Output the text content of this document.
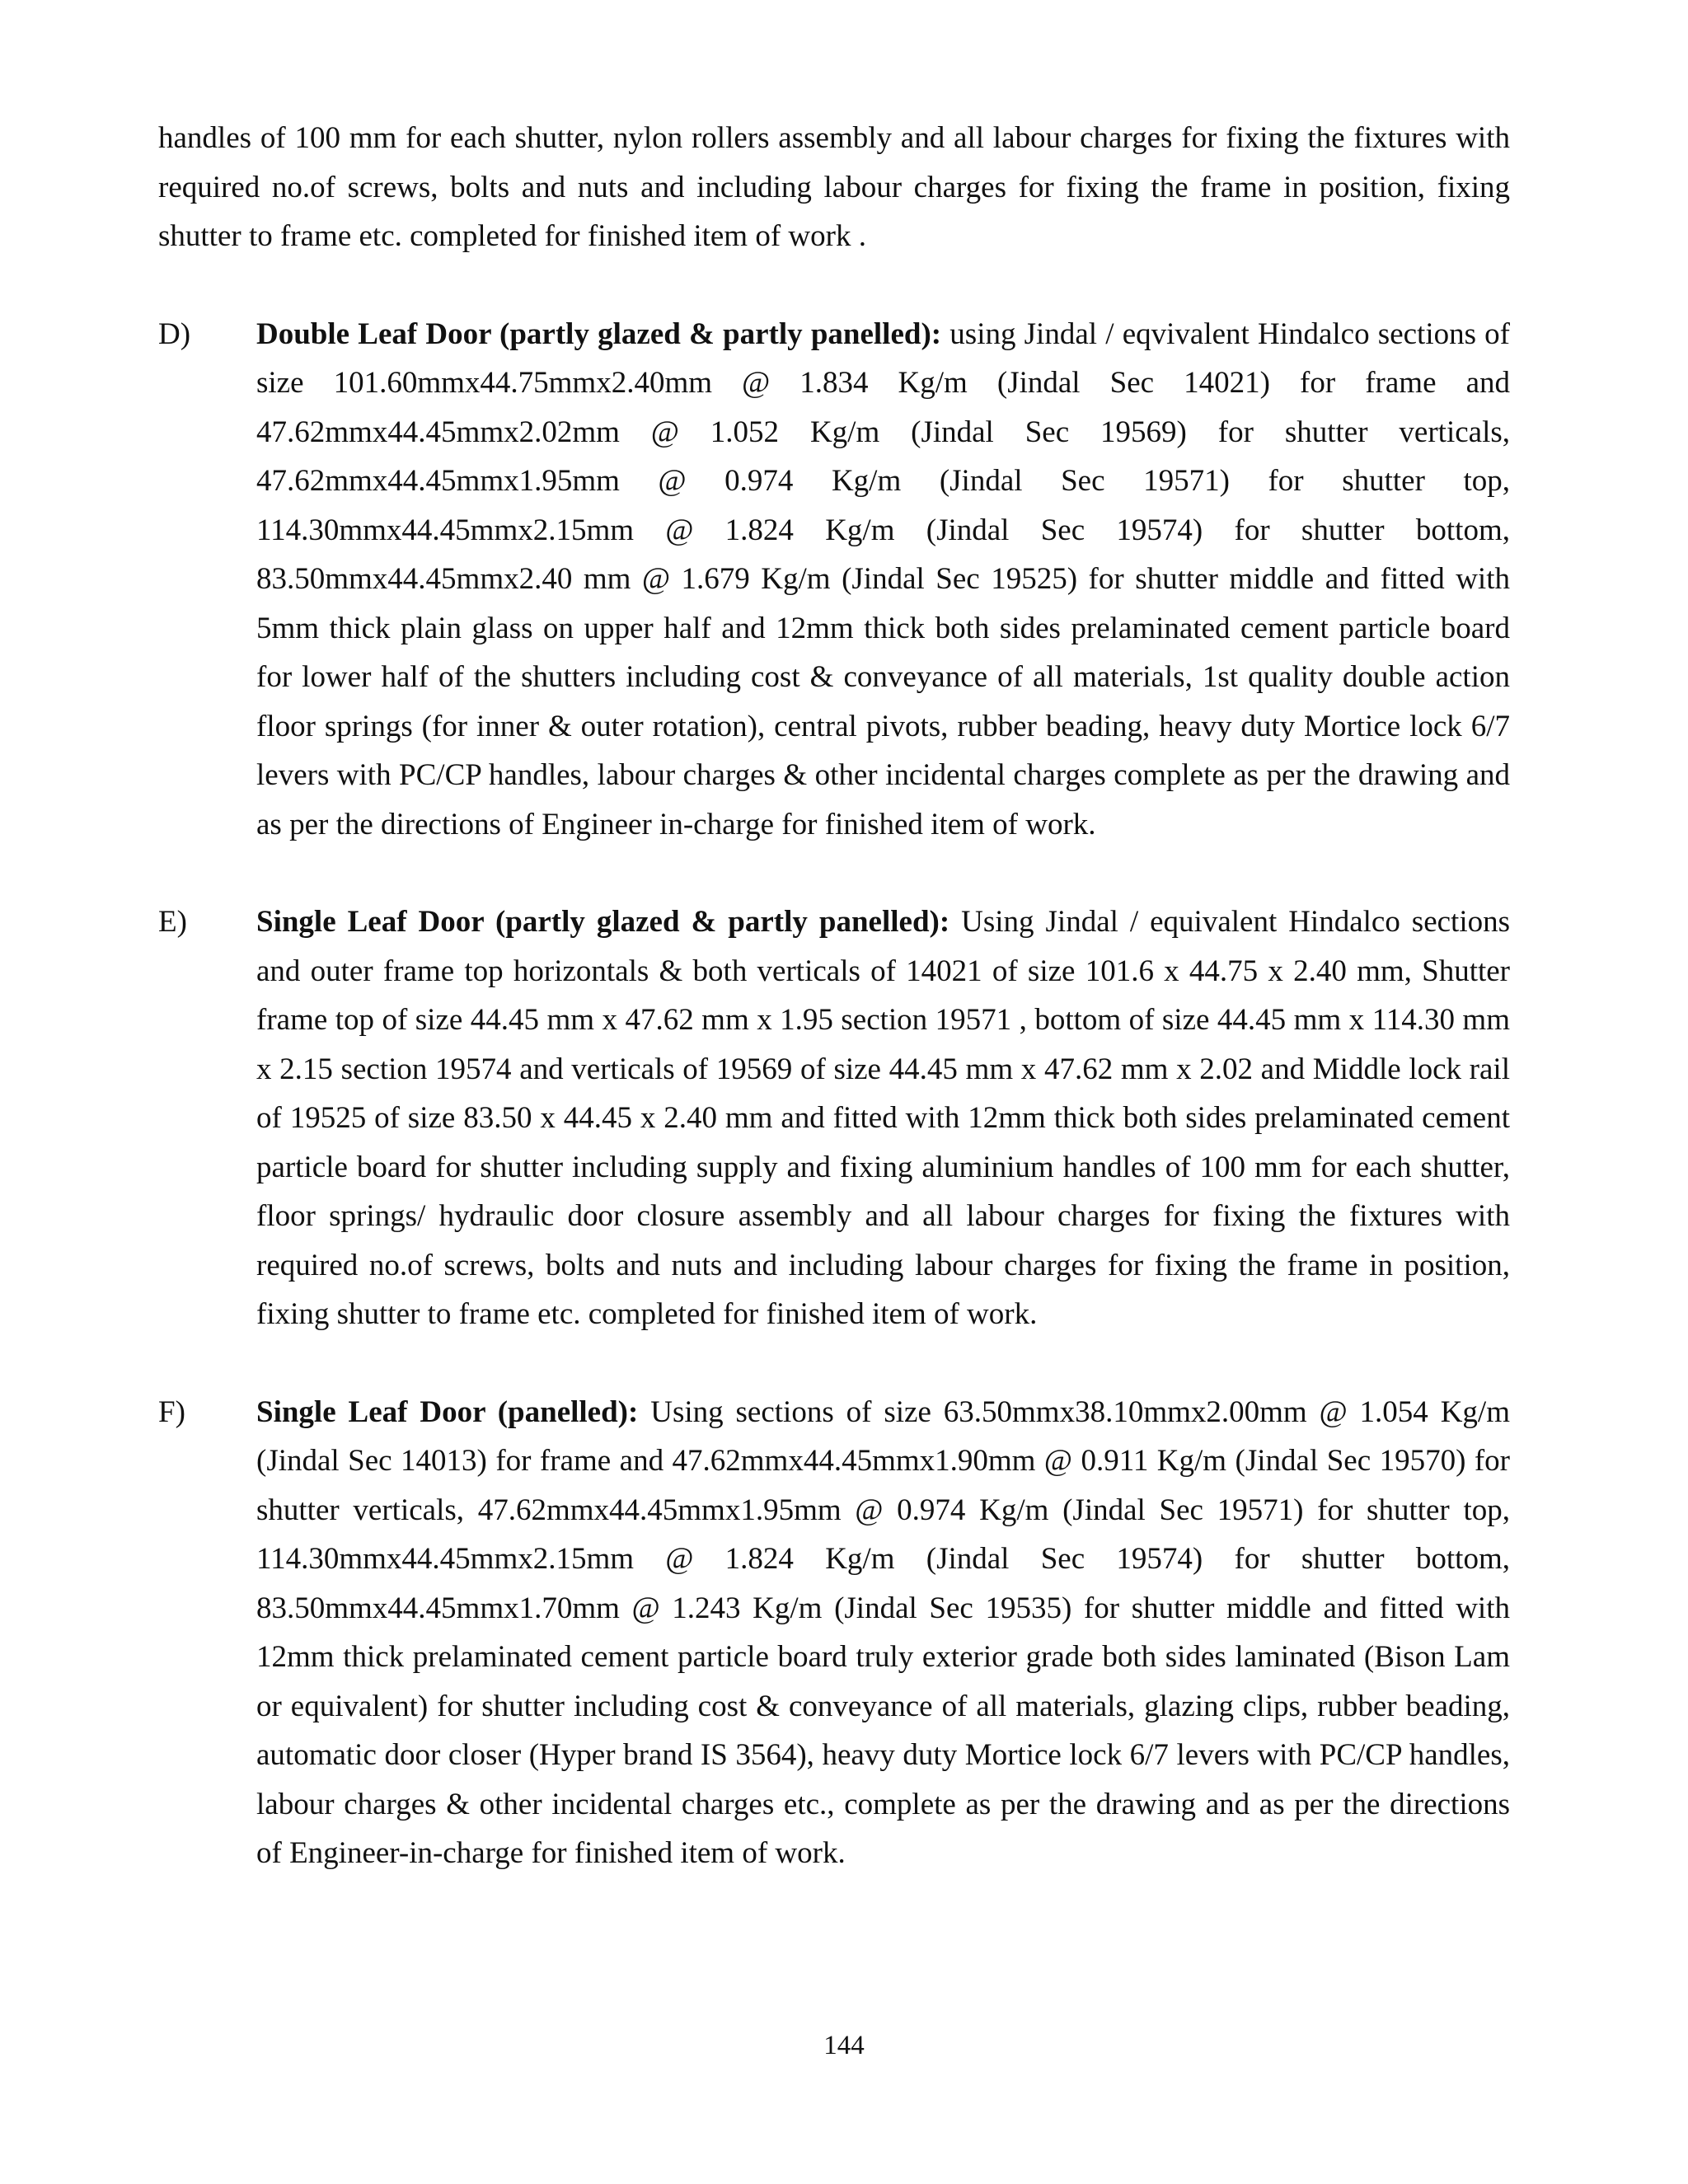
handles of 100 mm for each shutter, nylon rollers assembly and all labour charges for fixing the fixtures with required no.of screws, bolts and nuts and including labour charges for fixing the frame in position, fixing shutter to frame etc. completed for finished item of work .

D) Double Leaf Door (partly glazed & partly panelled): using Jindal / eqvivalent Hindalco sections of size 101.60mmx44.75mmx2.40mm @ 1.834 Kg/m (Jindal Sec 14021) for frame and 47.62mmx44.45mmx2.02mm @ 1.052 Kg/m (Jindal Sec 19569) for shutter verticals, 47.62mmx44.45mmx1.95mm @ 0.974 Kg/m (Jindal Sec 19571) for shutter top, 114.30mmx44.45mmx2.15mm @ 1.824 Kg/m (Jindal Sec 19574) for shutter bottom, 83.50mmx44.45mmx2.40 mm @ 1.679 Kg/m (Jindal Sec 19525) for shutter middle and fitted with 5mm thick plain glass on upper half and 12mm thick both sides prelaminated cement particle board for lower half of the shutters including cost & conveyance of all materials, 1st quality double action floor springs (for inner & outer rotation), central pivots, rubber beading, heavy duty Mortice lock 6/7 levers with PC/CP handles, labour charges & other incidental charges complete as per the drawing and as per the directions of Engineer in-charge for finished item of work.
E) Single Leaf Door (partly glazed & partly panelled): Using Jindal / equivalent Hindalco sections and outer frame top horizontals & both verticals of 14021 of size 101.6 x 44.75 x 2.40 mm, Shutter frame top of size 44.45 mm x 47.62 mm x 1.95 section 19571 , bottom of size 44.45 mm x 114.30 mm x 2.15 section 19574 and verticals of 19569 of size 44.45 mm x 47.62 mm x 2.02 and Middle lock rail of 19525 of size 83.50 x 44.45 x 2.40 mm and fitted with 12mm thick both sides prelaminated cement particle board for shutter including supply and fixing aluminium handles of 100 mm for each shutter, floor springs/ hydraulic door closure assembly and all labour charges for fixing the fixtures with required no.of screws, bolts and nuts and including labour charges for fixing the frame in position, fixing shutter to frame etc. completed for finished item of work.
F) Single Leaf Door (panelled): Using sections of size 63.50mmx38.10mmx2.00mm @ 1.054 Kg/m (Jindal Sec 14013) for frame and 47.62mmx44.45mmx1.90mm @ 0.911 Kg/m (Jindal Sec 19570) for shutter verticals, 47.62mmx44.45mmx1.95mm @ 0.974 Kg/m (Jindal Sec 19571) for shutter top, 114.30mmx44.45mmx2.15mm @ 1.824 Kg/m (Jindal Sec 19574) for shutter bottom, 83.50mmx44.45mmx1.70mm @ 1.243 Kg/m (Jindal Sec 19535) for shutter middle and fitted with 12mm thick prelaminated cement particle board truly exterior grade both sides laminated (Bison Lam or equivalent) for shutter including cost & conveyance of all materials, glazing clips, rubber beading, automatic door closer (Hyper brand IS 3564), heavy duty Mortice lock 6/7 levers with PC/CP handles, labour charges & other incidental charges etc., complete as per the drawing and as per the directions of Engineer-in-charge for finished item of work.
144
